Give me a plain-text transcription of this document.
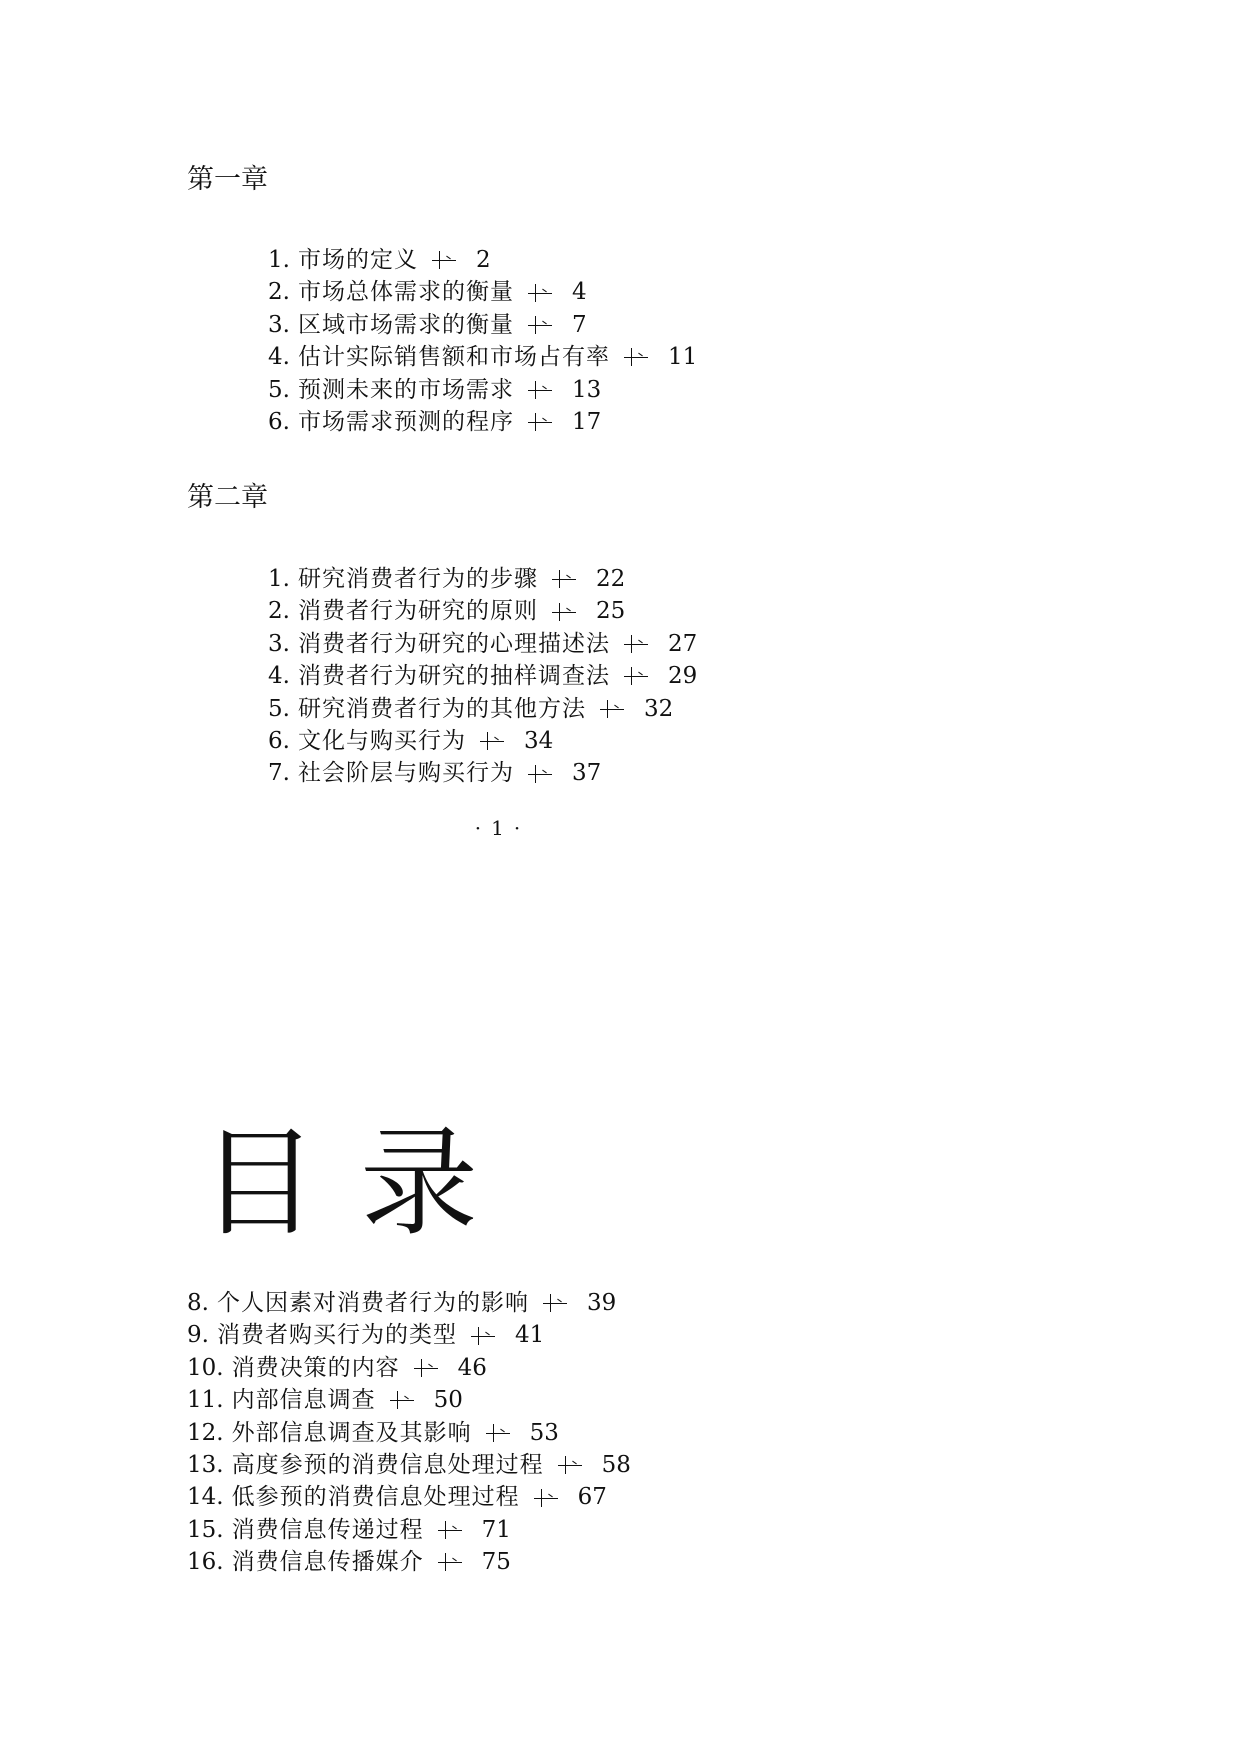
第一章
1. 市场的定义	2
2. 市场总体需求的衡量	4
3. 区域市场需求的衡量	7
4. 估计实际销售额和市场占有率	11
5. 预测未来的市场需求	13
6. 市场需求预测的程序	17
第二章
1. 研究消费者行为的步骤	22
2. 消费者行为研究的原则	25
3. 消费者行为研究的心理描述法	27
4. 消费者行为研究的抽样调查法	29
5. 研究消费者行为的其他方法	32
6. 文化与购买行为	34
7. 社会阶层与购买行为	37
·1·
目录
8. 个人因素对消费者行为的影响	39
9. 消费者购买行为的类型	41
10. 消费决策的内容	46
11. 内部信息调查	50
12. 外部信息调查及其影响	53
13. 高度参预的消费信息处理过程	58
14. 低参预的消费信息处理过程	67
15. 消费信息传递过程	71
16. 消费信息传播媒介	75
